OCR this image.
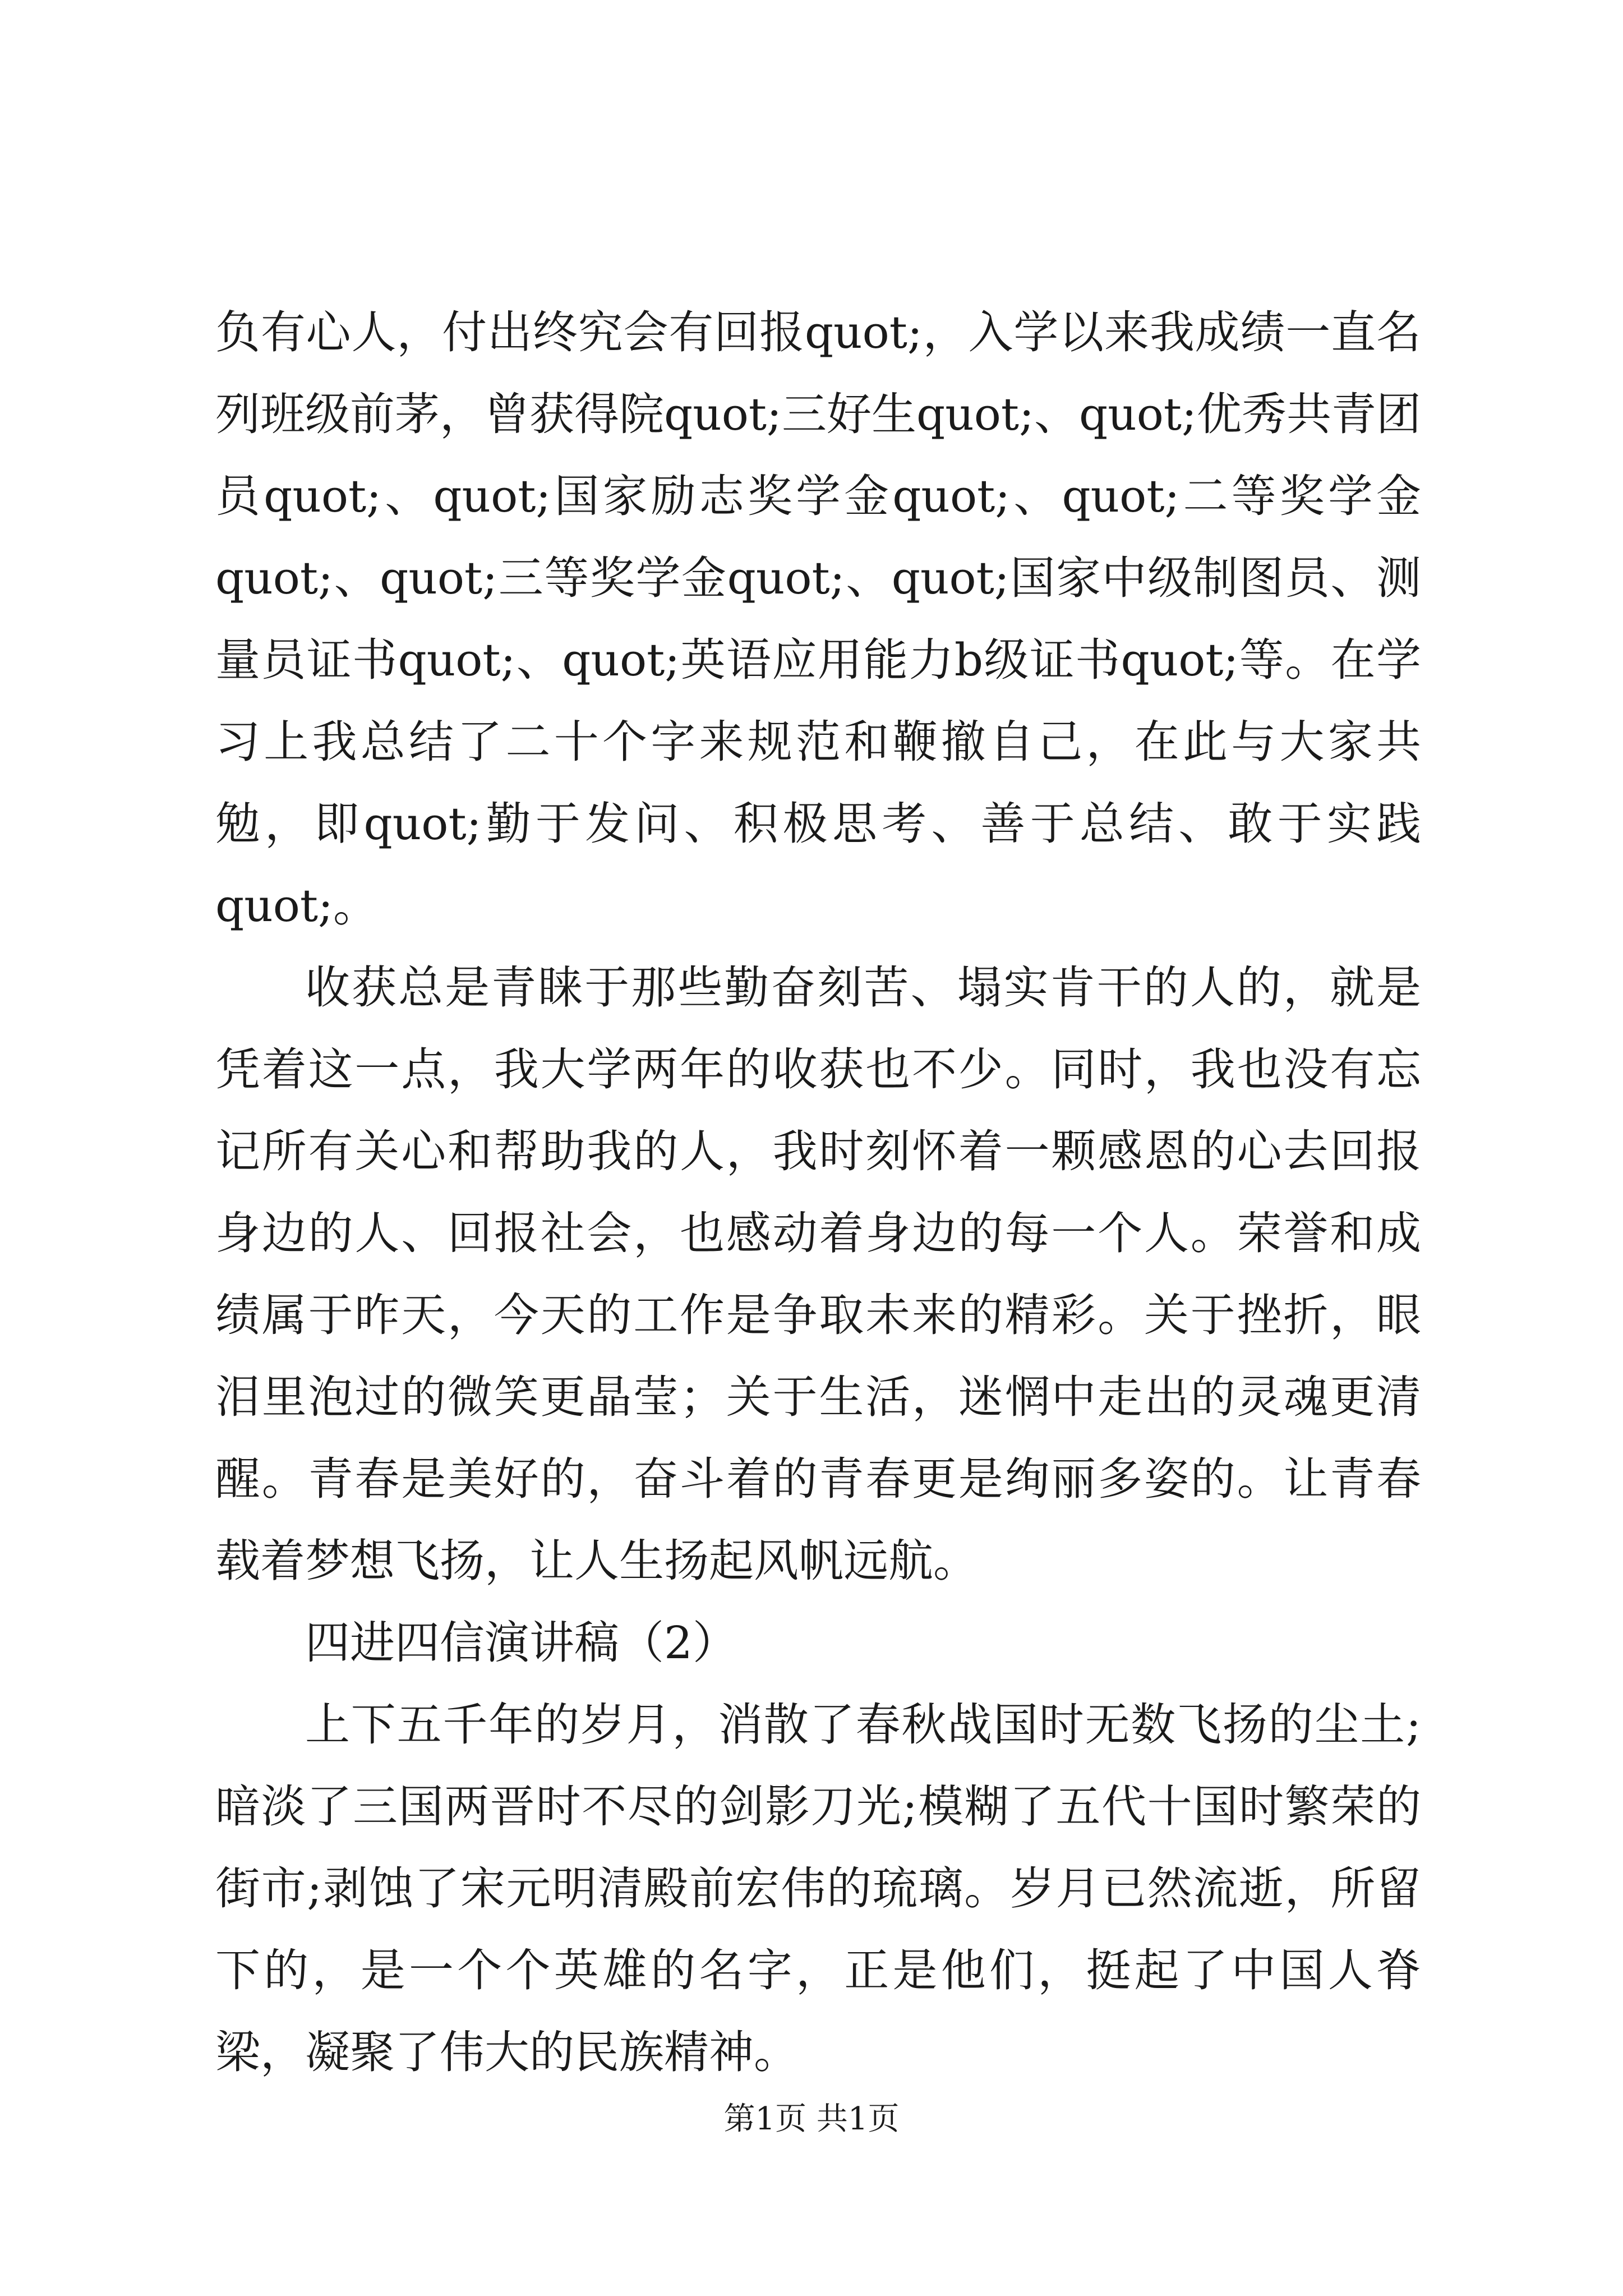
负有心人，付出终究会有回报quot;，入学以来我成绩一直名列班级前茅，曾获得院quot;三好生quot;、quot;优秀共青团员quot;、quot;国家励志奖学金quot;、quot;二等奖学金quot;、quot;三等奖学金quot;、quot;国家中级制图员、测量员证书quot;、quot;英语应用能力b级证书quot;等。在学习上我总结了二十个字来规范和鞭撤自己，在此与大家共勉，即quot;勤于发问、积极思考、善于总结、敢于实践quot;。

收获总是青睐于那些勤奋刻苦、塌实肯干的人的，就是凭着这一点，我大学两年的收获也不少。同时，我也没有忘记所有关心和帮助我的人，我时刻怀着一颗感恩的心去回报身边的人、回报社会，也感动着身边的每一个人。荣誉和成绩属于昨天，今天的工作是争取未来的精彩。关于挫折，眼泪里泡过的微笑更晶莹；关于生活，迷惘中走出的灵魂更清醒。青春是美好的，奋斗着的青春更是绚丽多姿的。让青春载着梦想飞扬，让人生扬起风帆远航。

四进四信演讲稿（2）

上下五千年的岁月，消散了春秋战国时无数飞扬的尘土;暗淡了三国两晋时不尽的剑影刀光;模糊了五代十国时繁荣的街市;剥蚀了宋元明清殿前宏伟的琉璃。岁月已然流逝，所留下的，是一个个英雄的名字，正是他们，挺起了中国人脊梁，凝聚了伟大的民族精神。

第1页 共1页
